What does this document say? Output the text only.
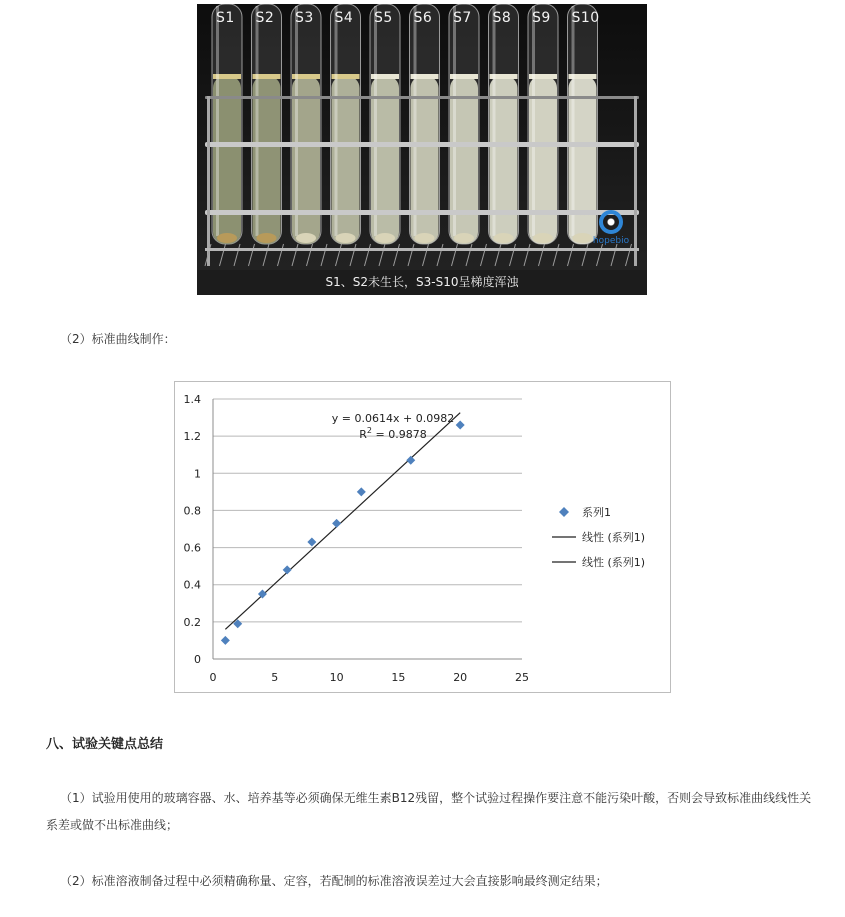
S1 S2 S3 S4 S5 S6 S7 S8 S9 S10
S1、S2未生长，S3-S10呈梯度浑浊
hopebio
（2）标准曲线制作：
0
0.2
0.4
0.6
0.8
1
1.2
1.4
0	5	10	15	20	25
y = 0.0614x + 0.0982
$R^2 = 0.9878$
系列1
线性 (系列1)
线性 (系列1)
八、试验关键点总结
（1）试验用使用的玻璃容器、水、培养基等必须确保无维生素B12残留，整个试验过程操作要注意不能污染叶酸，否则会导致标准曲线线性关系差或做不出标准曲线；
（2）标准溶液制备过程中必须精确称量、定容，若配制的标准溶液误差过大会直接影响最终测定结果；
